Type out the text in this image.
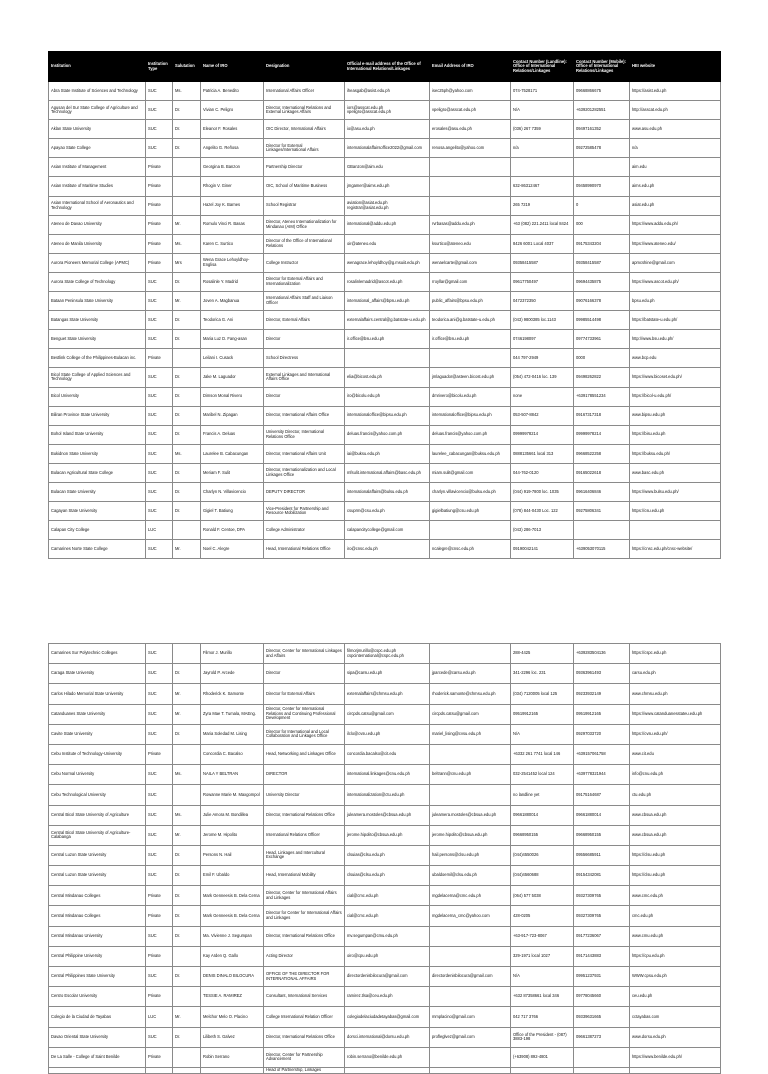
Institution	Institution Type	Salutation	Name of IRO	Designation	Official e-mail address of the Office of International Relations/Linkages	Email Address of IRO	Contact Number (Landline): Office of International Relations/Linkages	Contact Number (Mobile): Office of International Relations/Linkages	HEI website
Abra State Institute of Sciences and Technology	SUC	Ms.	Patricia A. Benedito	International Affairs Officer	iheasgab@asist.edu.ph	isec25ph@yahoo.com	074-7528171	09668866675	https://asist.edu.ph
Agusan del Sur State College of Agriculture and Technology	SUC	Dr.	Vivian C. Peligro	Director, International Relations and External Linkages Affairs	iors@asscat.edu.ph vpeligro@asscat.edu.ph	vpeligro@asscat.edu.ph	N/A	+639201282551	http://asscat.edu.ph
Aklan State University	SUC	Dr.	Eleanor F. Rosales	OIC Director, International Affairs	io@asu.edu.ph	erosales@asu.edu.ph	(036) 267 7359	09497161352	www.asu.edu.ph
Apayao State College	SUC	Dr.	Angelito G. Reñosa	Director for External Linkages/International Affairs	internationalaffairsoffice2022@gmail.com	renosa.angelito@yahoo.com	n/a	09272585478	n/a
Asian Institute of Management	Private		Georgina B. Banzon	Partnership Director	GBanzon@aim.edu				aim.edu
Asian Institute of Maritime Studies	Private		Rhogin V. Giner	OIC, School of Maritime Business	jmgamer@aims.edu.ph		632-86312467	09458990970	aims.edu.ph
Asian International School of Aeronautics and Technology	Private		Hazel Joy K. Barnes	School Registrar	aviation@asiat.edu.ph registrar@asiat.edu.ph		265 7219	0	asiat.edu.ph
Ateneo de Davao University	Private	Mr.	Romulo Vinci R. Basas	Director, Ateneo Internationalization for Mindanao (AIM) Office	international@addu.edu.ph	rvrbasas@addu.edu.ph	+63 (082) 221.2411 local 8424	000	https://www.addu.edu.ph/
Ateneo de Manila University	Private	Ms.	Karen C. Surtico	Director of the Office of International Relations	oir@ateneo.edu	ksurtico@ateneo.edu	8426 6001 Local 4037	09175343204	https://www.ateneo.edu/
Aurora Pioneers Memorial College (APMC)	Private	Mrs	Wena Grace Lehoyldhoy-Englisa	College Instructor	wenagrace.lehoyldhoy@g.msuiit.edu.ph	wenaelcarte@gmail.com	09358415587	09358415587	apmcshine@gmail.com
Aurora State College of Technology	SUC	Dr.	Rosalinle Y. Madrid	Director for External Affairs and Internationalization	rosalinlemadrid@ascot.edu.ph	rroyllar@gmail.com	09617750497	09694435875	https://www.ascot.edu.ph/
Bataan Peninsula State University	SUC	Mr.	Joven A. Magbanua	International Affairs Staff and Liaison Officer	international_affairs@bpsu.edu.ph	public_affairs@bpsu.edu.ph	0472372350	09076166378	bpsu.edu.ph
Batangas State University	SUC	Dr.	Teodorica G. Ani	Director, External Affairs	externalaffairs.central@g.batstate-u.edu.ph	teodorica.ani@g.batstate-u.edu.ph	(043) 9800385 loc.1143	09985514498	https://batstate-u.edu.ph/
Benguet State University	SUC	Dr.	Maria Luz D. Fang-asan	Director	ir.office@bsu.edu.ph	ir.office@bsu.edu.ph	0746198097	09774733961	http://www.bsu.edu.ph/
Bestlink College of the Philippines-Bulacan inc.	Private		Leilani I. Cusack	School Directress			044 797-2949	0000	www.bcp.edu
Bicol State College of Applied Sciences and Technology	SUC	Dr.	Jake M. Laguador	External Linkages and International Affairs Office	elia@bicost.edu.ph	jmlaguador@asteen.bicost.edu.ph	(054) 472-0416 loc. 139	09498262822	https://www.bicoset.edu.ph/
Bicol University	SUC	Dr.	Dimson Monal Rivero	Director	iro@bicolu.edu.ph	dmrivero@bicolu.edu.ph	none	+639178551234	https://bicol-u.edu.ph/
Biliran Province State University	SUC	Dr.	Maribel N. Zipagan	Director, International Affairs Office	internationaloffice@bipsu.edu.ph	internationaloffice@bipsu.edu.ph	053-507-8842	09167317318	www.bipsu.edu.ph
Bohol Island State University	SUC	Dr.	Francis A. Deluas	University Director, International Relations Office	deluas.francis@yahoo.com.ph	deluas.francis@yahoo.com.ph	09999978214	09999978214	https://bisu.edu.ph
Bukidnon State University	SUC	Ms.	Laurelee B. Cabacungan	Director, International Affairs Unit	iai@buksu.edu.ph	laurelee_cabacungan@buksu.edu.ph	0888135661 local 313	09668522258	https://buksu.edu.ph/
Bulacan Agricultural State College	SUC	Dr.	Meriam F. Sulit	Director, Internationalization and Local Linkages Office	mfsulit.international.affairs@basc.edu.ph	miam.sulit@gmail.com	044-762-0120	09165022618	www.basc.edu.ph
Bulacan State University	SUC	Dr.	Charlyn N. Villavicencio	DEPUTY DIRECTOR	internationalaffairs@bulsu.edu.ph	charlyn.villavicencio@bulsu.edu.ph	(044) 919-7800 loc. 1035	09616406846	https://www.bulsu.edu.ph/
Cagayan State University	SUC	Dr.	Gigiel T. Batiung	Vice-President for Partnership and Resource Mobilization	csuprm@csu.edu.ph	gigielbatiung@csu.edu.ph	(078) 844-0430 Loc. 122	09275806341	https://csu.edu.ph
Calapan City College	LUC		Ronald F. Centoe, DPA	College Administrator	calapancitycollege@gmail.com		(043) 286-7013		
Camarines Norte State College	SUC	Mr.	Noel C. Alegre	Head, International Relations Office	iro@cnsc.edu.ph	ncalegre@cnsc.edu.ph	09190042141	+639053070115	https://cnsc.edu.ph/cnsc-website/
Camarines Sur Polytechnic Colleges	SUC		Filmor J. Murillo	Director, Center for International Linkages and Affairs	filmorjmurillo@cspc.edu.ph cspcinternational@cspc.edu.ph		288-4425	+639283504136	https://cspc.edu.ph
Caraga State University	SUC	Dr.	Jayrold P. Arcede	Director	sipa@carsu.edu.ph	jparcede@carsu.edu.ph	341-2296 loc. 231	09363961493	carsu.edu.ph
Carlos Hilado Memorial State University	SUC	Mr.	Rhoderick K. Samonte	Director for External Affairs	externalaffairs@chmsu.edu.ph	rhoderick.samonte@chmsu.edu.ph	(034) 7120005 local 125	09233932149	www.chmsu.edu.ph
Catanduanes State University	SUC	Mr.	Zyra Mae T. Tumala, MAEng.	Director, Center for International Relations and Continuing Professional Development	circpds.catsu@gmail.com	circpds.catsu@gmail.com	09519912165	09519912165	https://www.catanduanesstateu.edu.ph
Cavite State University	SUC	Dr.	Maria Soledad M. Lising	Director for International and Local Collaboration and Linkages Office	ilclo@cvsu.edu.ph	mariel_lising@cvsu.edu.ph	N/A	09297033720	https://cvsu.edu.ph/
Cebu Institute of Technology-University	Private		Concordia C. Bacalso	Head, Networking and Linkages Office	concordia.bacalso@cit.edu		+6332 261 7741 local 146	+639157061758	www.cit.edu
Cebu Normal University	SUC	Ms.	NAILA Y BELTRAN	DIRECTOR	international.linkages@cnu.edu.ph	beltrann@cnu.edu.ph	032-2541452 local 124	+639778321944	info@cnu.edu.ph
Cebu Technological University	SUC		Rowanne Marie M. Maxgompol	University Director	internationalization@ctu.edu.ph		no landline yet	09175164687	ctu.edu.ph
Central Bicol State University of Agriculture	SUC	Ms.	Julie Amora M. Bondillea	Director, International Relations Office	juleamera.mostoles@cbsua.edu.ph	juleamera.mostoles@cbsua.edu.ph	09661880014	09661880014	www.cbsua.edu.ph
Central Bicol State University of Agriculture-Calabanga	SUC	Mr.	Jerome M. Hipolito	International Relations Officer	jerome.hipolito@cbsua.edu.ph	jerome.hipolito@cbsua.edu.ph	09668950155	09668950155	www.cbsua.edu.ph
Central Luzon State University	SUC	Dr.	Persons N. Hail	Head, Linkages and Intercultural Exchange	clsuias@clsu.edu.ph	hail.persons@clsu.edu.ph	(044)4550026	09556685911	https://clsu.edu.ph
Central Luzon State University	SUC	Dr.	Emil F. Ubaldo	Head, International Mobility	clsuias@clsu.edu.ph	ubaldoemil@clsu.edu.ph	(044)4560688	09154342081	https://clsu.edu.ph
Central Mindanao Colleges	Private	Dr.	Mark Genneesis B. Dela Cerna	Director, Center for International Affairs and Linkages	cial@cmc.edu.ph	mgdelacerna@cmc.edu.ph	(064) 577 5038	09327309765	www.cmc.edu.ph
Central Mindanao Colleges	Private	Dr.	Mark Genneesis B. Dela Cerna	Director for Center for International Affairs and Linkages	cial@cmc.edu.ph	mgdelacerna_cmc@yahoo.com	428-0205	09327309765	cmc.edu.ph
Central Mindanao University	SUC	Dr.	Ma. Vivienne J. Segumpan	Director, International Relations Office	mv.segumpan@cmu.edu.ph		+63-917-723-8067	09177236067	www.cmu.edu.ph
Central Philippine University	Private		Kay Arden Q. Gallo	Acting Director	oiro@cpu.edu.ph		329-1971 local 1027	09171443883	https://cpu.edu.ph
Central Philippines State University	SUC	Dr.	DENIS DINALO BILOCURA	OFFICE OF THE DIRECTOR FOR INTERNATIONAL AFFAIRS	directordenisbilocura@gmail.com	directordenisbilocura@gmail.com	N/A	09951237931	WWW.cpsu.edu.ph
Centro Escolar University	Private		TESSIE A. RAMIREZ	Consultant, International Services	ramirez.tlsa@ceu.edu.ph		+632 87358661 local 346	09778045660	ceu.edu.ph
Colegio de la Ciudad de Tayabas	LUC	Mr.	Melchor Melo O. Placino	College International Relation Officer	colegiodelaciudadetayabas@gmail.com	mmplacino@gmail.com	042 717 3766	09339631665	cctayabas.com
Davao Oriental State University	SUC	Dr.	Lilibeth S. Galvez	Director, International Relations Office	dorsci.international@dorsu.edu.ph	profleglvez@gmail.com	Office of the President - (087) 3883-198	09661387273	www.dorsu.edu.ph
De La Salle - College of Saint Benilde	Private		Robin Serrano	Director, Center for Partnership Advancement	robin.serrano@benilde.edu.ph		(+63908) 892-4801		https://www.benilde.edu.ph/
				Head of Partnership, Linkages					
